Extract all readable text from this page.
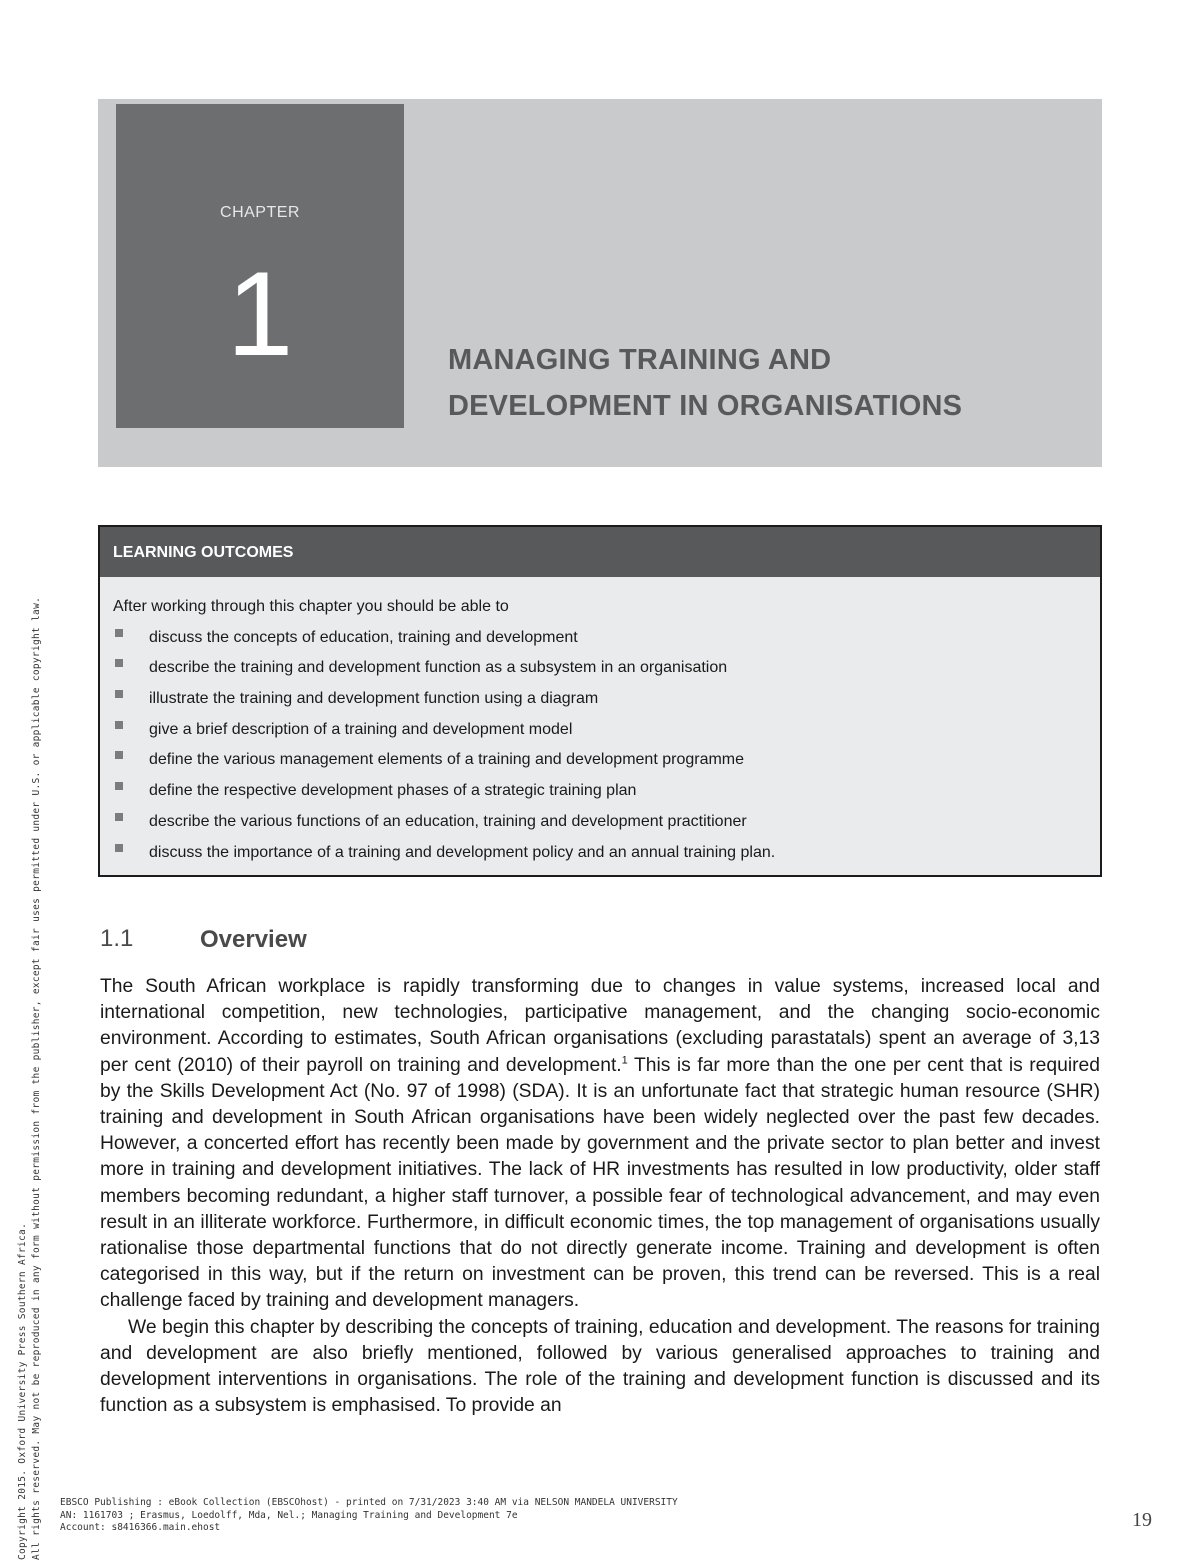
CHAPTER
1	MANAGING TRAINING AND
DEVELOPMENT IN ORGANISATIONS
LEARNING OUTCOMES
After working through this chapter you should be able to
discuss the concepts of education, training and development
describe the training and development function as a subsystem in an organisation
illustrate the training and development function using a diagram
give a brief description of a training and development model
define the various management elements of a training and development programme
define the respective development phases of a strategic training plan
describe the various functions of an education, training and development practitioner
discuss the importance of a training and development policy and an annual training plan.
1.1	Overview

The South African workplace is rapidly transforming due to changes in value systems, increased local and international competition, new technologies, participative management, and the changing socio-economic environment. According to estimates, South African organisations (excluding parastatals) spent an average of 3,13 per cent (2010) of their payroll on training and development.$^1$ This is far more than the one per cent that is required by the Skills Development Act (No. 97 of 1998) (SDA). It is an unfortunate fact that strategic human resource (SHR) training and development in South African organisations have been widely neglected over the past few decades. However, a concerted effort has recently been made by government and the private sector to plan better and invest more in training and development initiatives. The lack of HR investments has resulted in low productivity, older staff members becoming redundant, a higher staff turnover, a possible fear of technological advancement, and may even result in an illiterate workforce. Furthermore, in difficult economic times, the top management of organisations usually rationalise those departmental functions that do not directly generate income. Training and development is often categorised in this way, but if the return on investment can be proven, this trend can be reversed. This is a real challenge faced by training and development managers.

We begin this chapter by describing the concepts of training, education and development. The reasons for training and development are also briefly mentioned, followed by various generalised approaches to training and development interventions in organisations. The role of the training and development function is discussed and its function as a subsystem is emphasised. To provide an

Copyright 2015. Oxford University Press Southern Africa. All rights reserved. May not be reproduced in any form without permission from the publisher, except fair uses permitted under U.S. or applicable copyright law. EBSCO Publishing : eBook Collection (EBSCOhost) - printed on 7/31/2023 3:40 AM via NELSON MANDELA UNIVERSITY
AN: 1161703 ; Erasmus, Loedolff, Mda, Nel.; Managing Training and Development 7e
Account: s8416366.main.ehost	19
